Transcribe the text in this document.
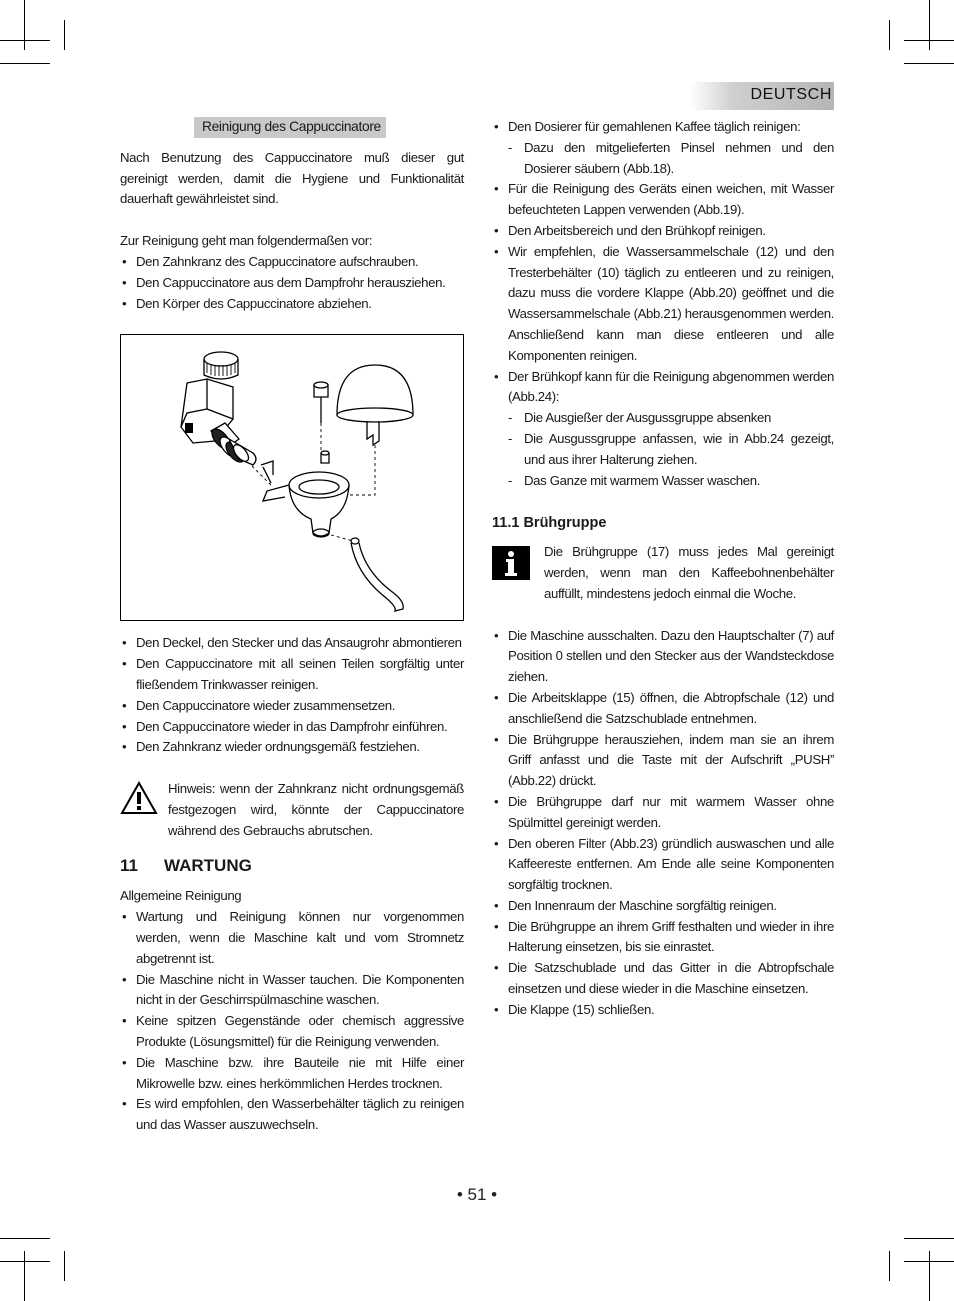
DEUTSCH
Reinigung des Cappuccinatore

Nach Benutzung des Cappuccinatore muß dieser gut gereinigt werden, damit die Hygiene und Funktionalität dauerhaft gewährleistet sind.

Zur Reinigung geht man folgendermaßen vor:

• Den Zahnkranz des Cappuccinatore aufschrauben.
• Den Cappuccinatore aus dem Dampfrohr herausziehen.
• Den Körper des Cappuccinatore abziehen.
• Den Deckel, den Stecker und das Ansaugrohr abmontieren
• Den Cappuccinatore mit all seinen Teilen sorgfältig unter fließendem Trinkwasser reinigen.
• Den Cappuccinatore wieder zusammensetzen.
• Den Cappuccinatore wieder in das Dampfrohr einführen.
• Den Zahnkranz wieder ordnungsgemäß festziehen.
Hinweis: wenn der Zahnkranz nicht ordnungsgemäß festgezogen wird, könnte der Cappuccinatore während des Gebrauchs abrutschen.
11 WARTUNG
Allgemeine Reinigung
• Wartung und Reinigung können nur vorgenommen werden, wenn die Maschine kalt und vom Stromnetz abgetrennt ist.
• Die Maschine nicht in Wasser tauchen. Die Komponenten nicht in der Geschirrspülmaschine waschen.
• Keine spitzen Gegenstände oder chemisch aggressive Produkte (Lösungsmittel) für die Reinigung verwenden.
• Die Maschine bzw. ihre Bauteile nie mit Hilfe einer Mikrowelle bzw. eines herkömmlichen Herdes trocknen.
• Es wird empfohlen, den Wasserbehälter täglich zu reinigen und das Wasser auszuwechseln.
• Den Dosierer für gemahlenen Kaffee täglich reinigen:
- Dazu den mitgelieferten Pinsel nehmen und den Dosierer säubern (Abb.18).
• Für die Reinigung des Geräts einen weichen, mit Wasser befeuchteten Lappen verwenden (Abb.19).
• Den Arbeitsbereich und den Brühkopf reinigen.
• Wir empfehlen, die Wassersammelschale (12) und den Tresterbehälter (10) täglich zu entleeren und zu reinigen, dazu muss die vordere Klappe (Abb.20) geöffnet und die Wassersammelschale (Abb.21) herausgenommen werden. Anschließend kann man diese entleeren und alle Komponenten reinigen.
• Der Brühkopf kann für die Reinigung abgenommen werden (Abb.24):
- Die Ausgießer der Ausgussgruppe absenken
- Die Ausgussgruppe anfassen, wie in Abb.24 gezeigt, und aus ihrer Halterung ziehen.
- Das Ganze mit warmem Wasser waschen.
11.1 Brühgruppe
Die Brühgruppe (17) muss jedes Mal gereinigt werden, wenn man den Kaffeebohnenbehälter auffüllt, mindestens jedoch einmal die Woche.
• Die Maschine ausschalten. Dazu den Hauptschalter (7) auf Position 0 stellen und den Stecker aus der Wandsteckdose ziehen.
• Die Arbeitsklappe (15) öffnen, die Abtropfschale (12) und anschließend die Satzschublade entnehmen.
• Die Brühgruppe herausziehen, indem man sie an ihrem Griff anfasst und die Taste mit der Aufschrift „PUSH” (Abb.22) drückt.
• Die Brühgruppe darf nur mit warmem Wasser ohne Spülmittel gereinigt werden.
• Den oberen Filter (Abb.23) gründlich auswaschen und alle Kaffeereste entfernen. Am Ende alle seine Komponenten sorgfältig trocknen.
• Den Innenraum der Maschine sorgfältig reinigen.
• Die Brühgruppe an ihrem Griff festhalten und wieder in ihre Halterung einsetzen, bis sie einrastet.
• Die Satzschublade und das Gitter in die Abtropfschale einsetzen und diese wieder in die Maschine einsetzen.
• Die Klappe (15) schließen.
• 51 •
